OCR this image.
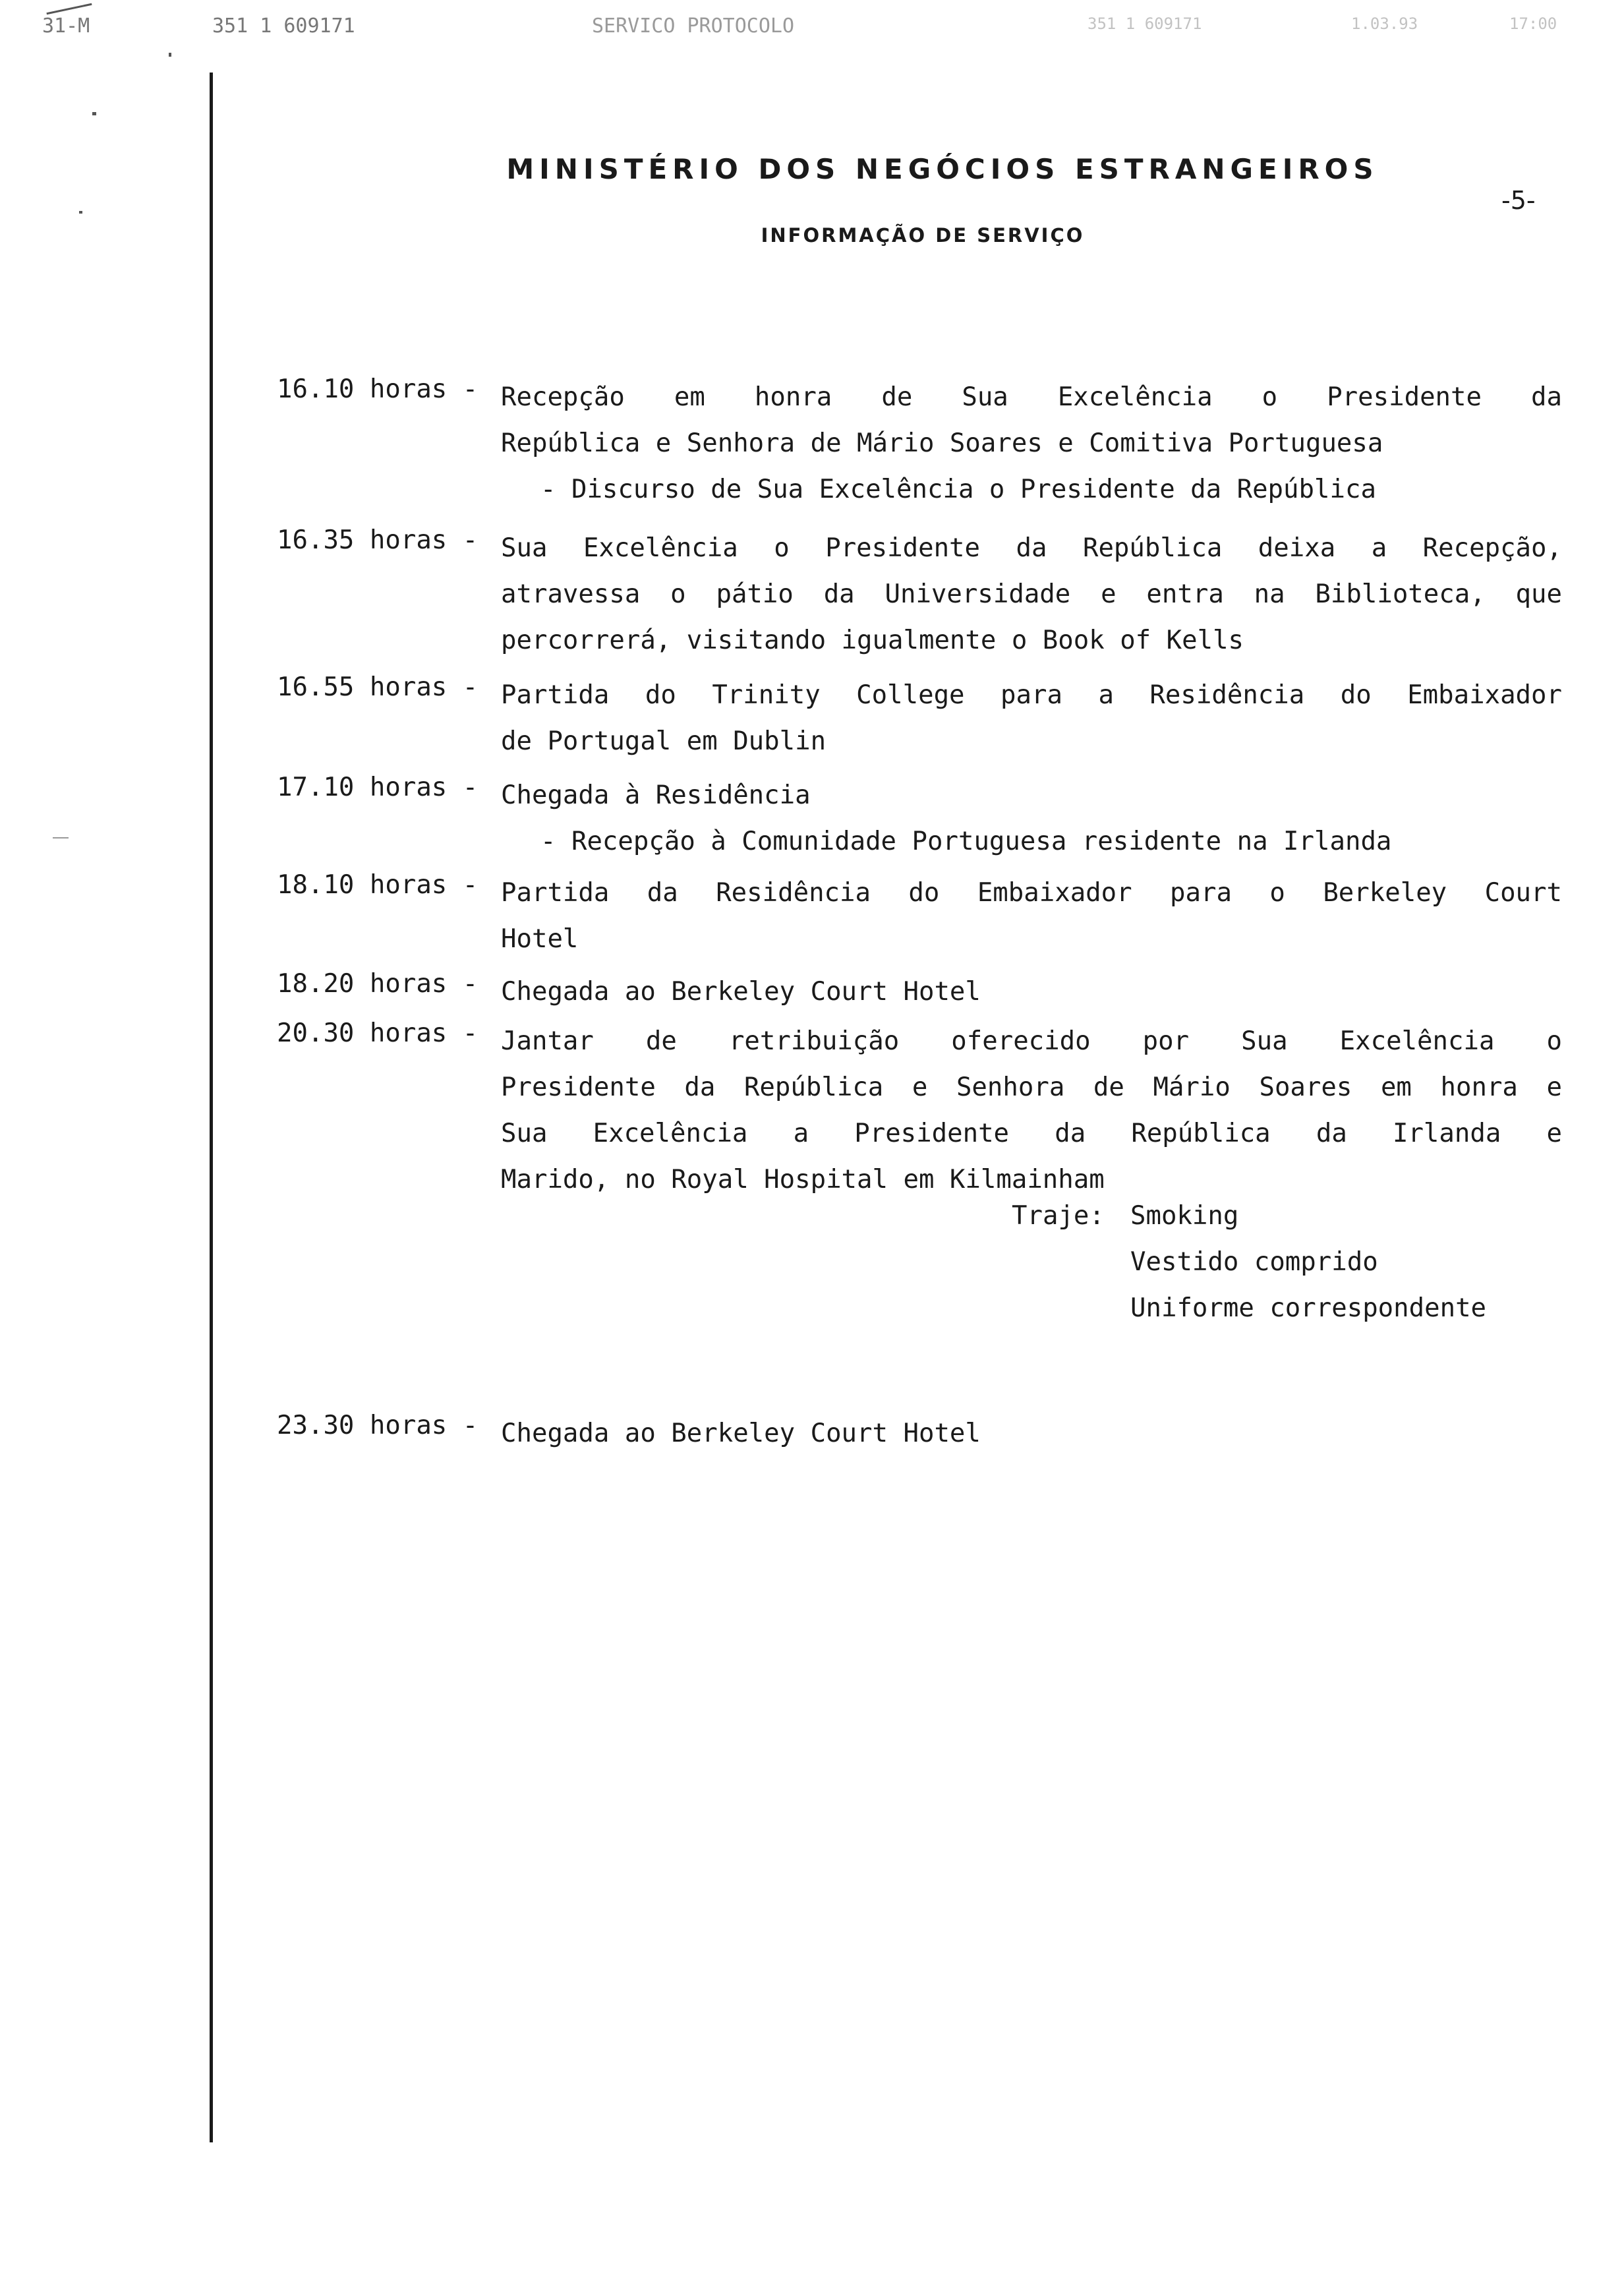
31-M	351 1 609171	SERVICO PROTOCOLO	351 1 609171	1.03.93	17:00
MINISTÉRIO DOS NEGÓCIOS ESTRANGEIROS
INFORMAÇÃO DE SERVIÇO
-5-
16.10 horas - Recepção em honra de Sua Excelência o Presidente da
República e Senhora de Mário Soares e Comitiva Portuguesa
- Discurso de Sua Excelência o Presidente da República
16.35 horas - Sua Excelência o Presidente da República deixa a Recepção,
atravessa o pátio da Universidade e entra na Biblioteca, que
percorrerá, visitando igualmente o Book of Kells
16.55 horas - Partida do Trinity College para a Residência do Embaixador
de Portugal em Dublin
17.10 horas - Chegada à Residência
- Recepção à Comunidade Portuguesa residente na Irlanda
18.10 horas - Partida da Residência do Embaixador para o Berkeley Court
Hotel
18.20 horas - Chegada ao Berkeley Court Hotel
20.30 horas - Jantar de retribuição oferecido por Sua Excelência o
Presidente da República e Senhora de Mário Soares em honra e
Sua Excelência a Presidente da República da Irlanda e
Marido, no Royal Hospital em Kilmainham
Traje: Smoking
Vestido comprido
Uniforme correspondente
23.30 horas - Chegada ao Berkeley Court Hotel
